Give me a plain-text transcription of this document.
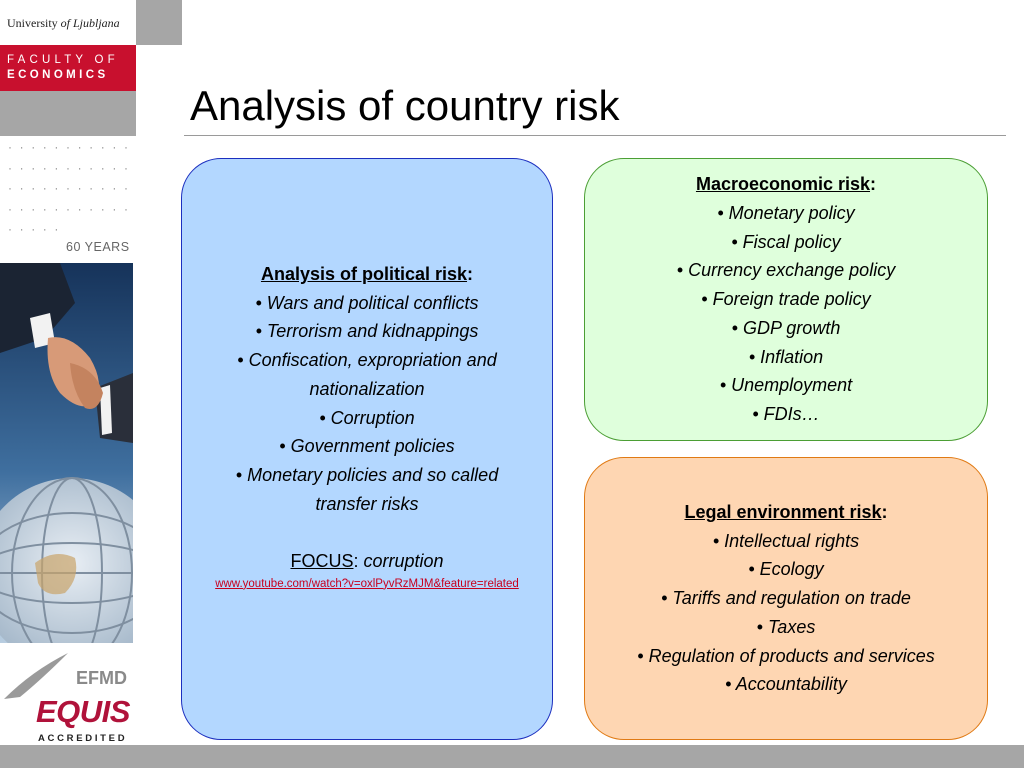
University of Ljubljana
FACULTY OF
ECONOMICS
· · · · · · · · · · ·
· · · · · · · · · · ·
· · · · · · · · · · ·
· · · · · · · · · · ·
· · · · ·
60 YEARS
EFMD
EQUIS
ACCREDITED
Analysis of country risk
Analysis of political risk:
• Wars and political conflicts
• Terrorism and kidnappings
• Confiscation, expropriation and
nationalization
• Corruption
• Government policies
• Monetary policies and so called
transfer risks
FOCUS: corruption
www.youtube.com/watch?v=oxlPyvRzMJM&feature=related
Macroeconomic risk:
• Monetary policy
• Fiscal policy
• Currency exchange policy
• Foreign trade policy
• GDP growth
• Inflation
• Unemployment
• FDIs…
Legal environment risk:
• Intellectual rights
• Ecology
• Tariffs and regulation on trade
• Taxes
• Regulation of products and services
• Accountability
